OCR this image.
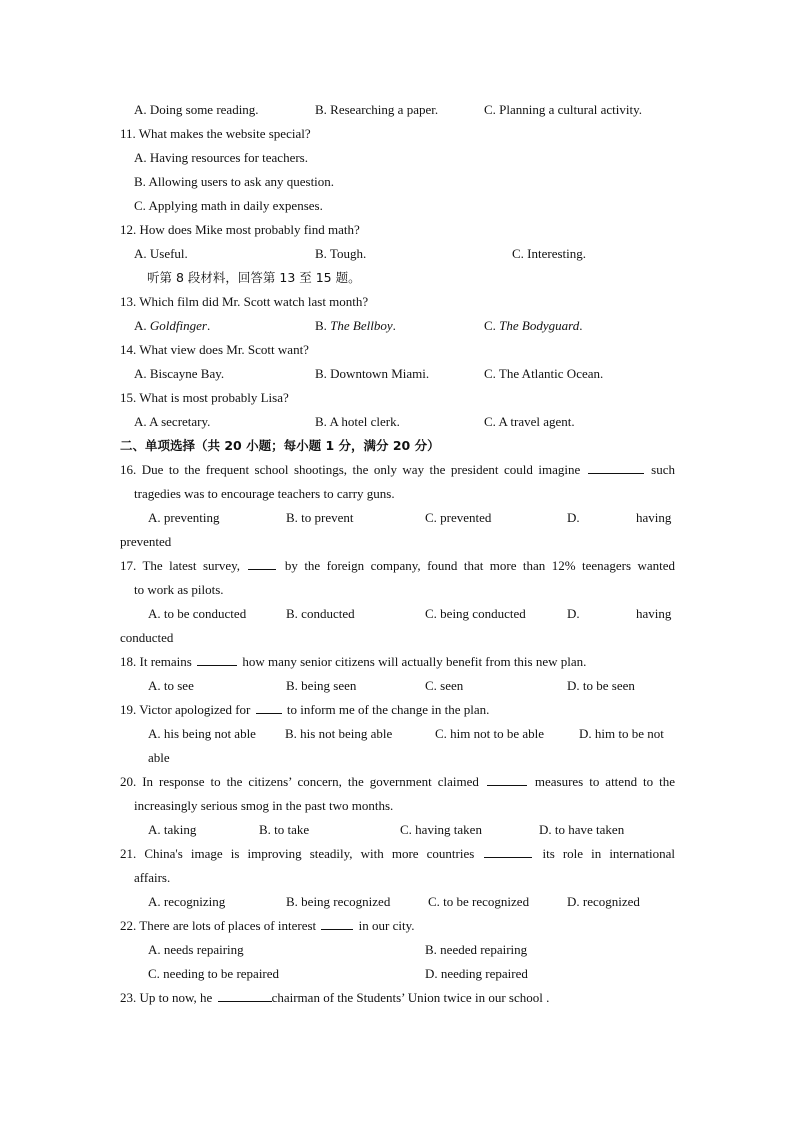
A. Doing some reading.	B. Researching a paper.	C. Planning a cultural activity.
11. What makes the website special?
A. Having resources for teachers.
B. Allowing users to ask any question.
C. Applying math in daily expenses.
12. How does Mike most probably find math?
A. Useful.	B. Tough.	C. Interesting.
听第 8 段材料，回答第 13 至 15 题。
13. Which film did Mr. Scott watch last month?
A. Goldfinger.	B. The Bellboy.	C. The Bodyguard.
14. What view does Mr. Scott want?
A. Biscayne Bay.	B. Downtown Miami.	C. The Atlantic Ocean.
15. What is most probably Lisa?
A. A secretary.	B. A hotel clerk.	C. A travel agent.
二、单项选择（共 20 小题；每小题 1 分，满分 20 分）
16. Due to the frequent school shootings, the only way the president could imagine	such
tragedies was to encourage teachers to carry guns.
A. preventing	B. to prevent	C. prevented	D.	having
prevented
17. The latest survey,	by the foreign company, found that more than 12% teenagers wanted
to work as pilots.
A. to be conducted	B. conducted	C. being conducted	D.	having
conducted
18. It remains	how many senior citizens will actually benefit from this new plan.
A. to see	B. being seen	C. seen	D. to be seen
19. Victor apologized for	to inform me of the change in the plan.
A. his being not able B. his not being able	C. him not to be able	D. him to be not
able
20. In response to the citizens’ concern, the government claimed	measures to attend to the
increasingly serious smog in the past two months.
A. taking	B. to take	C. having taken	D. to have taken
21. China's image is improving steadily, with more countries	its role in international
affairs.
A. recognizing	B. being recognized	C. to be recognized	D. recognized
22. There are lots of places of interest	in our city.
A. needs repairing	B. needed repairing
C. needing to be repaired	D. needing repaired
23. Up to now, he	chairman of the Students’ Union twice in our school .
